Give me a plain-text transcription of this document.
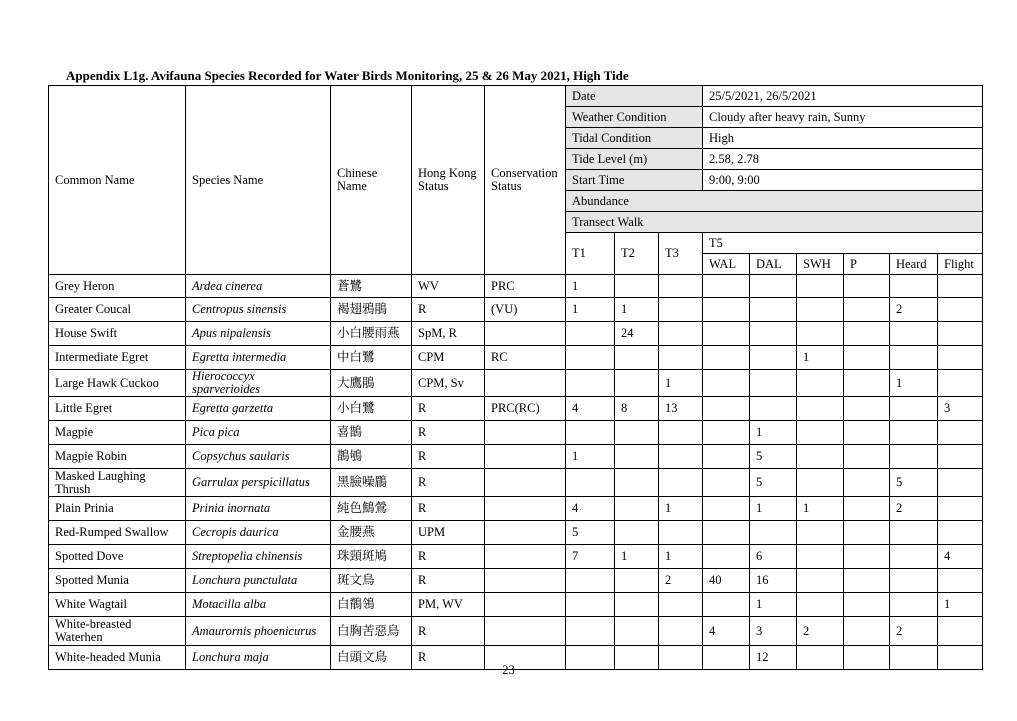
Appendix L1g. Avifauna Species Recorded for Water Birds Monitoring, 25 & 26 May 2021, High Tide
Common Name	Species Name	Chinese Name	Hong Kong Status	Conservation Status	Date			25/5/2021, 26/5/2021					
					Weather Condition			Cloudy after heavy rain, Sunny					
					Tidal Condition			High					
					Tide Level (m)			2.58, 2.78					
					Start Time			9:00, 9:00					
					Abundance								
					Transect Walk								
					T1	T2	T3	T5					
								WAL	DAL	SWH	P	Heard	Flight
Grey Heron	Ardea cinerea	蒼鷺	WV	PRC	1								
Greater Coucal	Centropus sinensis	褐翅鴉鵑	R	(VU)	1	1						2	
House Swift	Apus nipalensis	小白腰雨燕	SpM, R			24							
Intermediate Egret	Egretta intermedia	中白鷺	CPM	RC						1			
Large Hawk Cuckoo	Hierococcyx sparverioides	大鷹鵑	CPM, Sv				1					1	
Little Egret	Egretta garzetta	小白鷺	R	PRC(RC)	4	8	13						3
Magpie	Pica pica	喜鵲	R						1				
Magpie Robin	Copsychus saularis	鵲鴝	R		1				5				
Masked Laughing Thrush	Garrulax perspicillatus	黑臉噪鶥	R						5			5	
Plain Prinia	Prinia inornata	純色鷦鶯	R		4		1		1	1		2	
Red-Rumped Swallow	Cecropis daurica	金腰燕	UPM		5								
Spotted Dove	Streptopelia chinensis	珠頸斑鳩	R		7	1	1		6				4
Spotted Munia	Lonchura punctulata	斑文鳥	R				2	40	16				
White Wagtail	Motacilla alba	白鶺鴒	PM, WV						1				1
White-breasted Waterhen	Amaurornis phoenicurus	白胸苦惡鳥	R					4	3	2		2	
White-headed Munia	Lonchura maja	白頭文鳥	R						12				
23
